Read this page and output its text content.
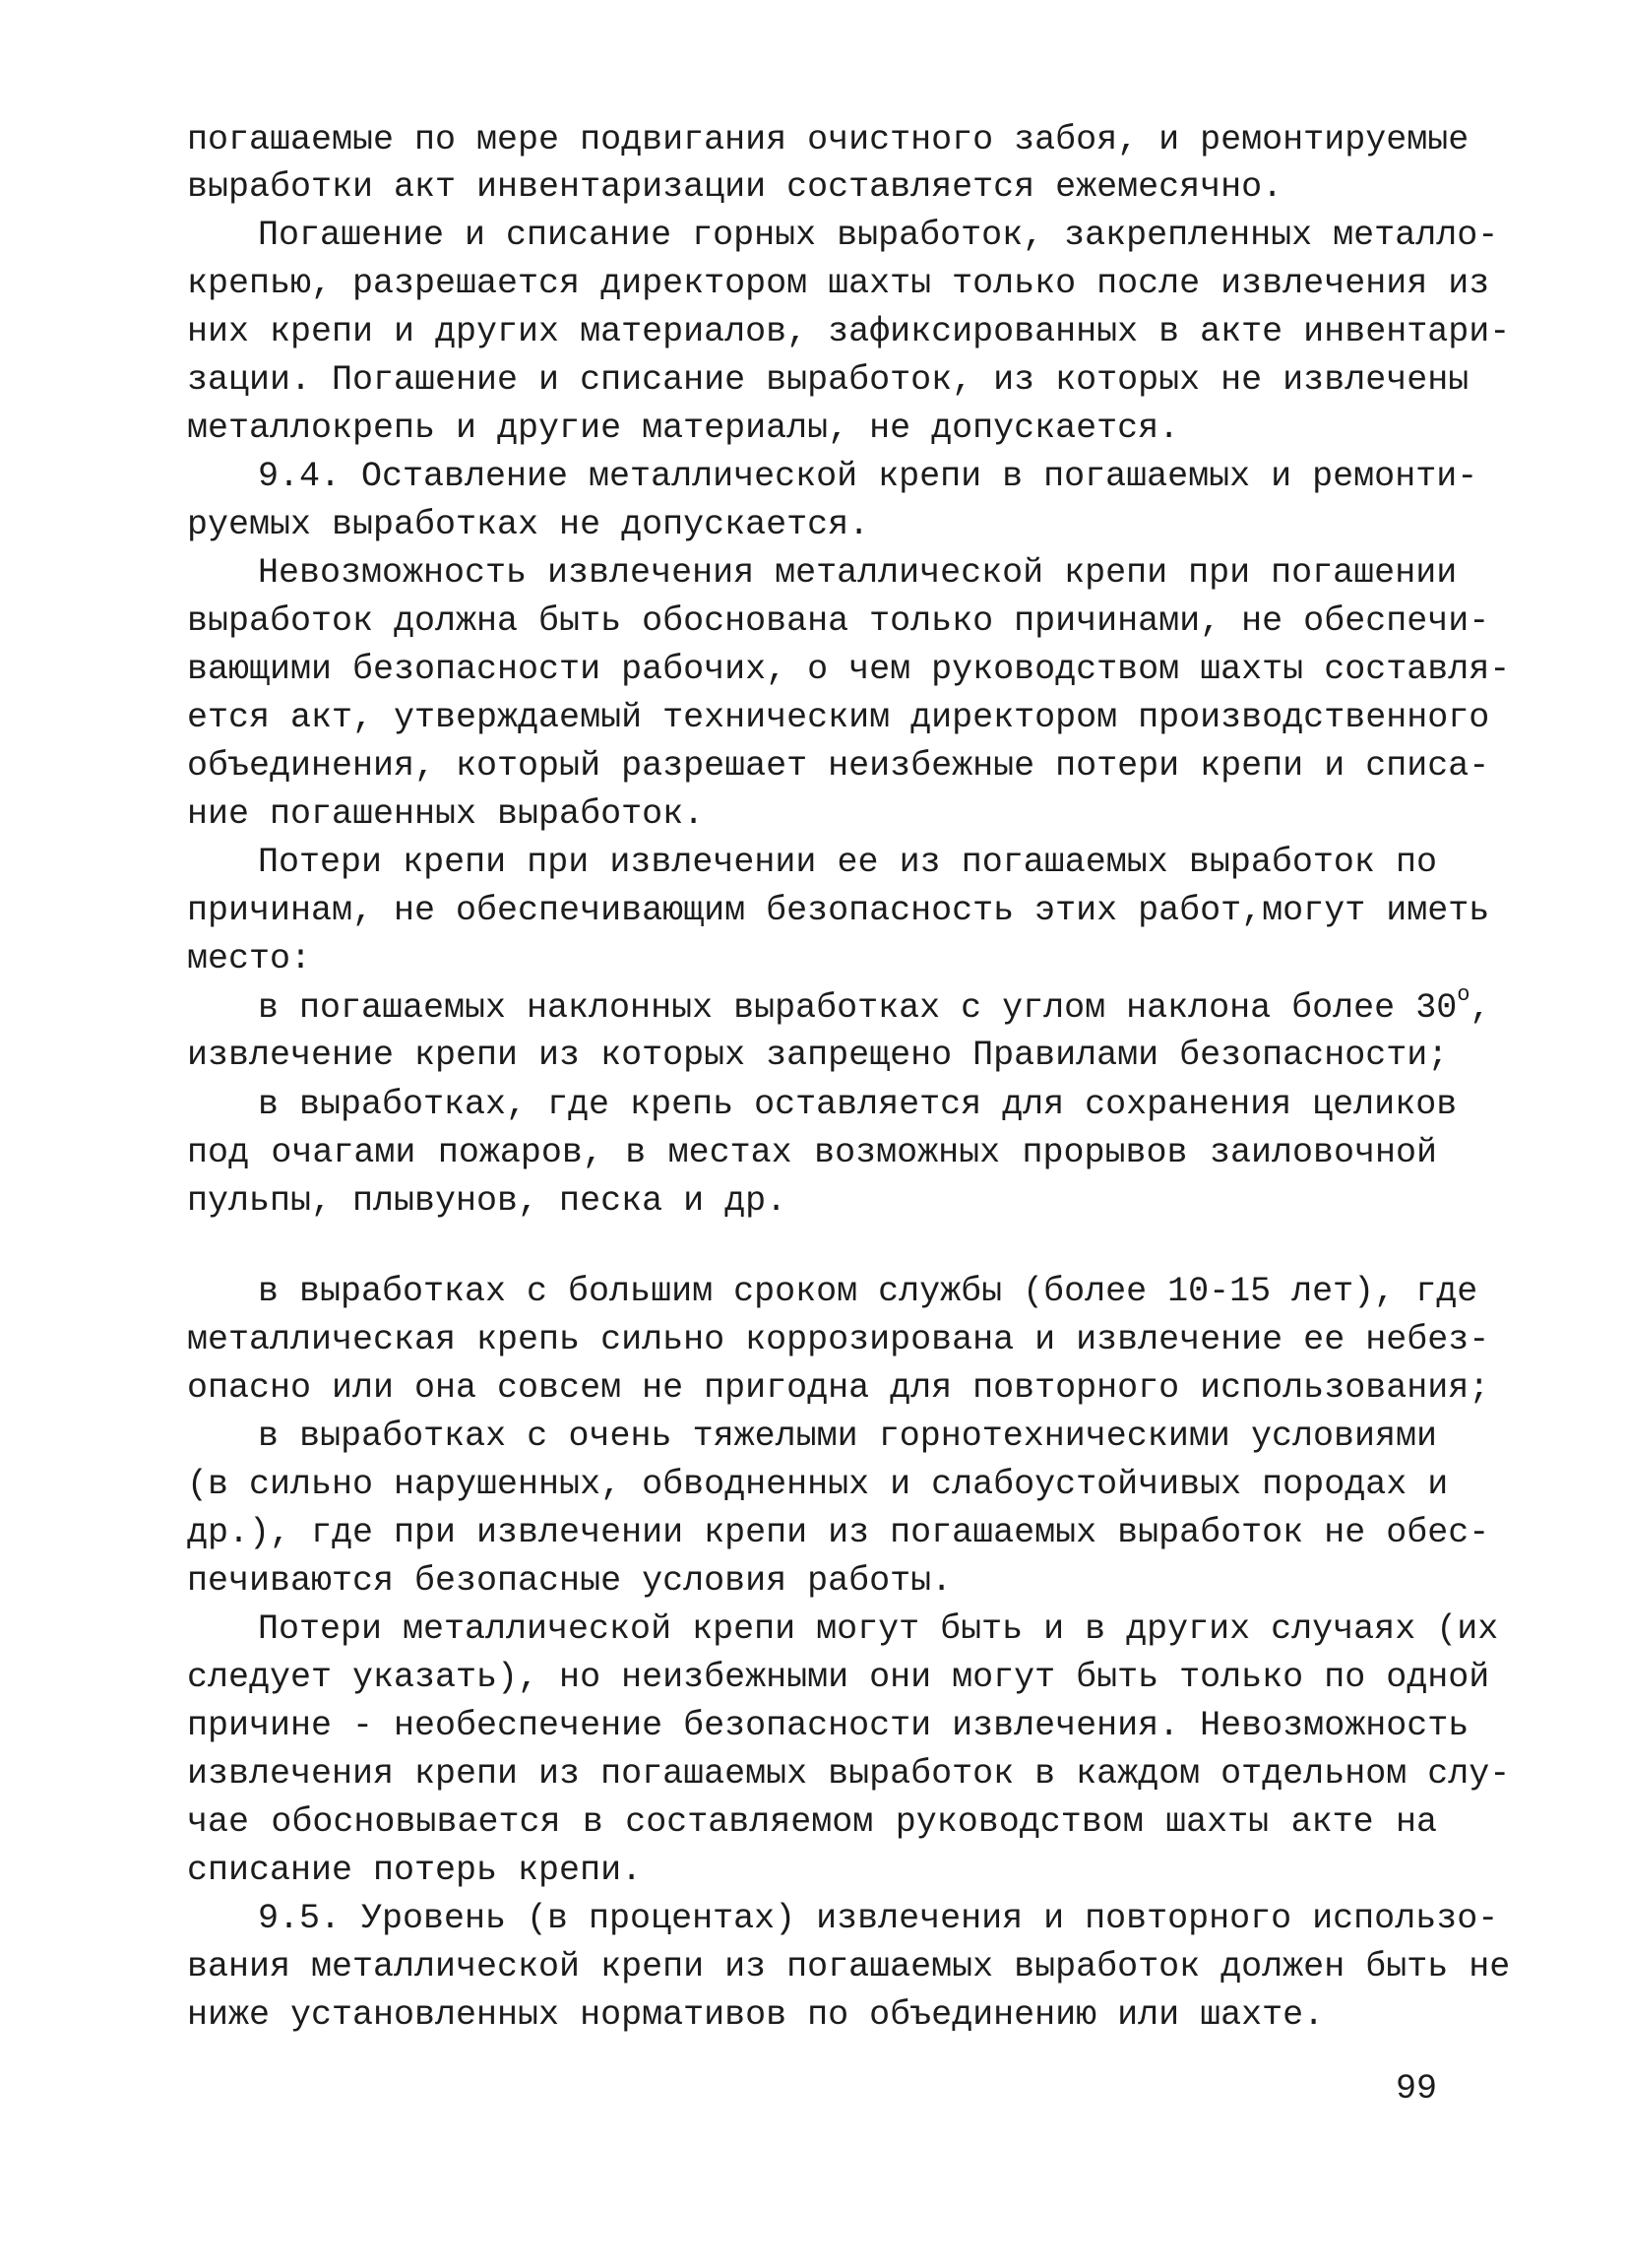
погашаемые по мере подвигания очистного забоя, и ремонтируемые
выработки акт инвентаризации составляется ежемесячно.
Погашение и списание горных выработок, закрепленных металло-
крепью, разрешается директором шахты только после извлечения из
них крепи и других материалов, зафиксированных в акте инвентари-
зации. Погашение и списание выработок, из которых не извлечены
металлокрепь и другие материалы, не допускается.
9.4. Оставление металлической крепи в погашаемых и ремонти-
руемых выработках не допускается.
Невозможность извлечения металлической крепи при погашении
выработок должна быть обоснована только причинами, не обеспечи-
вающими безопасности рабочих, о чем руководством шахты составля-
ется акт, утверждаемый техническим директором производственного
объединения, который разрешает неизбежные потери крепи и списа-
ние погашенных выработок.
Потери крепи при извлечении ее из погашаемых выработок по
причинам, не обеспечивающим безопасность этих работ,могут иметь
место:
в погашаемых наклонных выработках с углом наклона более $30^о$,
извлечение крепи из которых запрещено Правилами безопасности;
в выработках, где крепь оставляется для сохранения целиков
под очагами пожаров, в местах возможных прорывов заиловочной
пульпы, плывунов, песка и др.
в выработках с большим сроком службы (более 10-15 лет), где
металлическая крепь сильно коррозирована и извлечение ее небез-
опасно или она совсем не пригодна для повторного использования;
в выработках с очень тяжелыми горнотехническими условиями
(в сильно нарушенных, обводненных и слабоустойчивых породах и
др.), где при извлечении крепи из погашаемых выработок не обес-
печиваются безопасные условия работы.
Потери металлической крепи могут быть и в других случаях (их
следует указать), но неизбежными они могут быть только по одной
причине - необеспечение безопасности извлечения. Невозможность
извлечения крепи из погашаемых выработок в каждом отдельном слу-
чае обосновывается в составляемом руководством шахты акте на
списание потерь крепи.
9.5. Уровень (в процентах) извлечения и повторного использо-
вания металлической крепи из погашаемых выработок должен быть не
ниже установленных нормативов по объединению или шахте.
99
